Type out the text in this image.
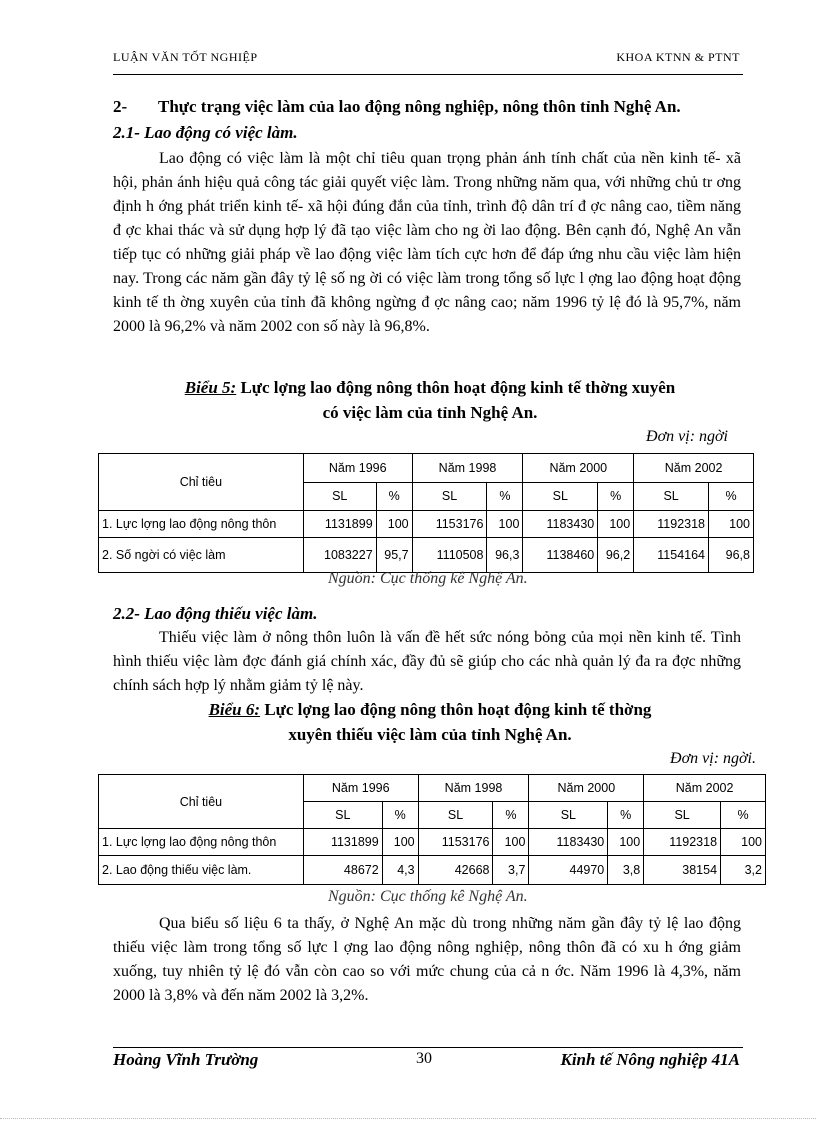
LUẬN VĂN TỐT NGHIỆP	KHOA KTNN & PTNT
2- Thực trạng việc làm của lao động nông nghiệp, nông thôn tỉnh Nghệ An.
2.1- Lao động có việc làm.
Lao động có việc làm là một chỉ tiêu quan trọng phản ánh tính chất của nền kinh tế- xã hội, phản ánh hiệu quả công tác giải quyết việc làm. Trong những năm qua, với những chủ tr ơng định h ớng phát triển kinh tế- xã hội đúng đắn của tỉnh, trình độ dân trí đ ợc nâng cao, tiềm năng đ ợc khai thác và sử dụng hợp lý đã tạo việc làm cho ng ời lao động. Bên cạnh đó, Nghệ An vẫn tiếp tục có những giải pháp về lao động việc làm tích cực hơn để đáp ứng nhu cầu việc làm hiện nay. Trong các năm gần đây tỷ lệ số ng ời có việc làm trong tổng số lực l ợng lao động hoạt động kinh tế th ờng xuyên của tỉnh đã không ngừng đ ợc nâng cao; năm 1996 tỷ lệ đó là 95,7%, năm 2000 là 96,2% và năm 2002 con số này là 96,8%.
Biểu 5: Lực lợng lao động nông thôn hoạt động kinh tế thờng xuyên
có việc làm của tỉnh Nghệ An.
Đơn vị: ngời
Chỉ tiêu	Năm 1996		Năm 1998		Năm 2000		Năm 2002	
	SL	%	SL	%	SL	%	SL	%
1. Lực lợng lao động nông thôn	1131899	100	1153176	100	1183430	100	1192318	100
2. Số ngời có việc làm	1083227	95,7	1110508	96,3	1138460	96,2	1154164	96,8
Nguồn: Cục thống kê Nghệ An.
2.2- Lao động thiếu việc làm.
Thiếu việc làm ở nông thôn luôn là vấn đề hết sức nóng bỏng của mọi nền kinh tế. Tình hình thiếu việc làm đợc đánh giá chính xác, đầy đủ sẽ giúp cho các nhà quản lý đa ra đợc những chính sách hợp lý nhằm giảm tỷ lệ này.
Biểu 6: Lực lợng lao động nông thôn hoạt động kinh tế thờng
xuyên thiếu việc làm của tỉnh Nghệ An.
Đơn vị: ngời.
Chỉ tiêu	Năm 1996		Năm 1998		Năm 2000		Năm 2002	
	SL	%	SL	%	SL	%	SL	%
1. Lực lợng lao động nông thôn	1131899	100	1153176	100	1183430	100	1192318	100
2. Lao động thiếu việc làm.	48672	4,3	42668	3,7	44970	3,8	38154	3,2
Nguồn: Cục thống kê Nghệ An.
Qua biểu số liệu 6 ta thấy, ở Nghệ An mặc dù trong những năm gần đây tỷ lệ lao động thiếu việc làm trong tổng số lực l ợng lao động nông nghiệp, nông thôn đã có xu h ớng giảm xuống, tuy nhiên tỷ lệ đó vẫn còn cao so với mức chung của cả n ớc. Năm 1996 là 4,3%, năm 2000 là 3,8% và đến năm 2002 là 3,2%.
Hoàng Vĩnh Trường	30	Kinh tế Nông nghiệp 41A
